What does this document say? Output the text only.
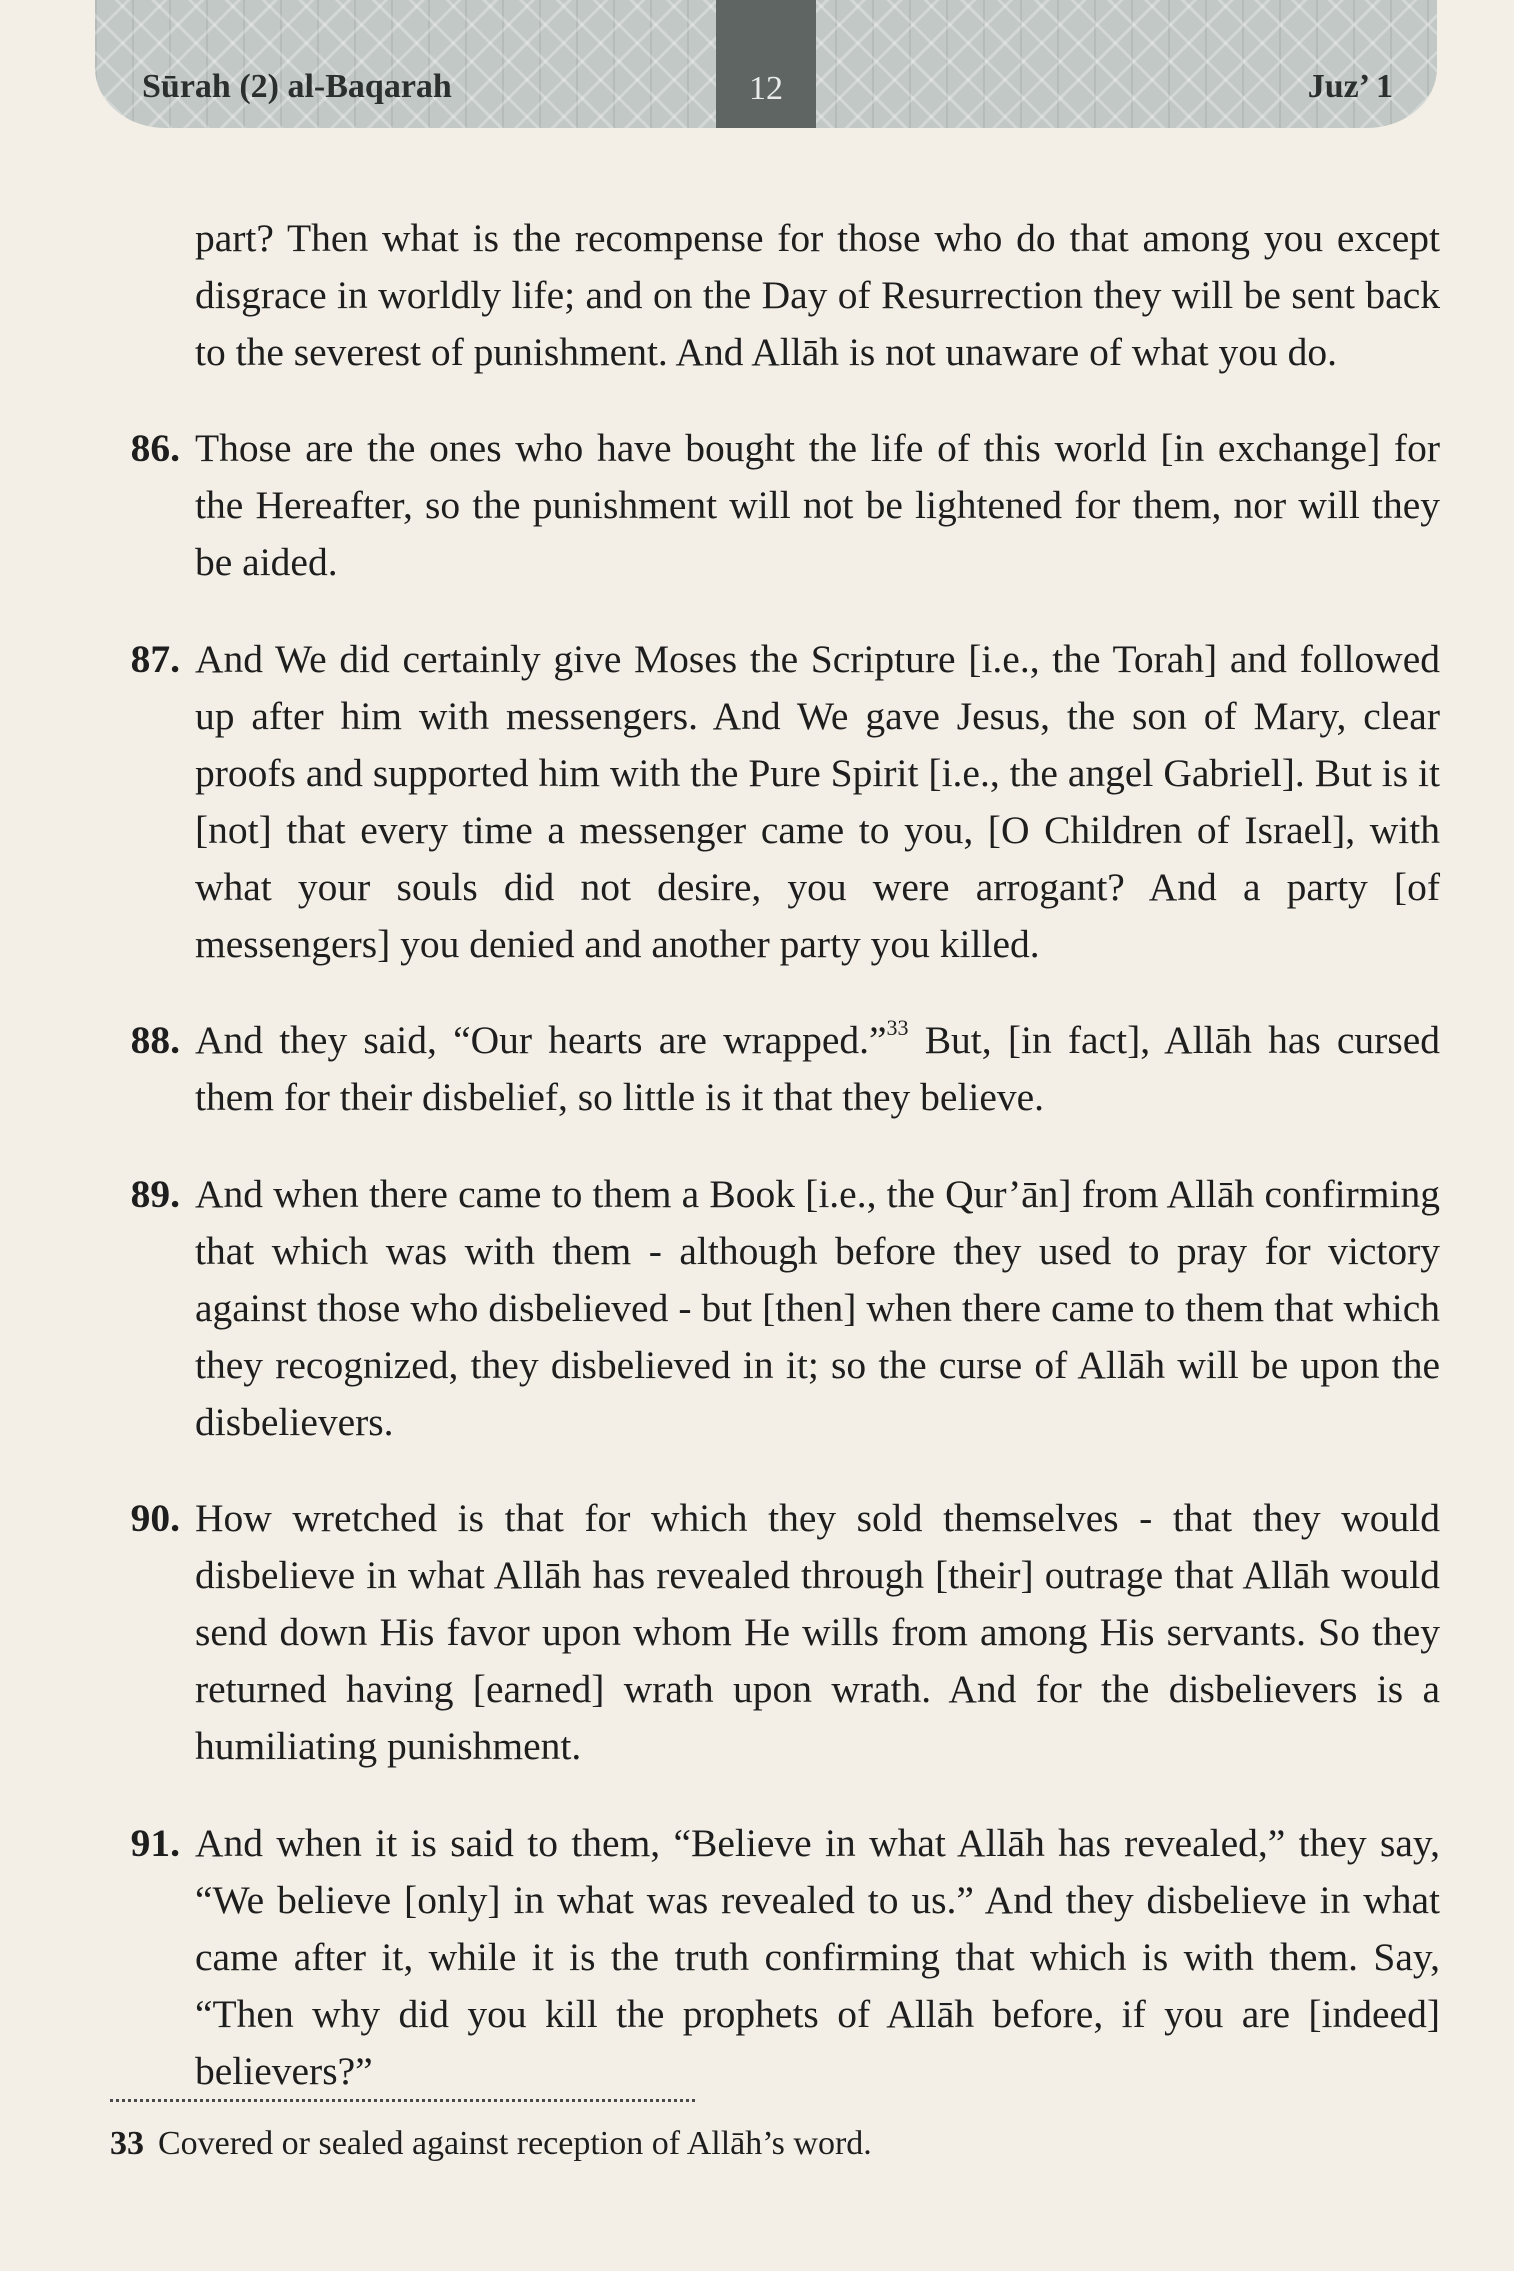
Sūrah (2) al-Baqarah	12	Juz’ 1

part? Then what is the recompense for those who do that among you except disgrace in worldly life; and on the Day of Resurrection they will be sent back to the severest of punishment. And Allāh is not unaware of what you do.

86. Those are the ones who have bought the life of this world [in exchange] for the Hereafter, so the punishment will not be lightened for them, nor will they be aided.

87. And We did certainly give Moses the Scripture [i.e., the Torah] and followed up after him with messengers. And We gave Jesus, the son of Mary, clear proofs and supported him with the Pure Spirit [i.e., the angel Gabriel]. But is it [not] that every time a messenger came to you, [O Children of Israel], with what your souls did not desire, you were arrogant? And a party [of messengers] you denied and another party you killed.

88. And they said, “Our hearts are wrapped.”$^{33}$ But, [in fact], Allāh has cursed them for their disbelief, so little is it that they believe.

89. And when there came to them a Book [i.e., the Qur’ān] from Allāh confirming that which was with them - although before they used to pray for victory against those who disbelieved - but [then] when there came to them that which they recognized, they disbelieved in it; so the curse of Allāh will be upon the disbelievers.

90. How wretched is that for which they sold themselves - that they would disbelieve in what Allāh has revealed through [their] outrage that Allāh would send down His favor upon whom He wills from among His servants. So they returned having [earned] wrath upon wrath. And for the disbelievers is a humiliating punishment.

91. And when it is said to them, “Believe in what Allāh has revealed,” they say, “We believe [only] in what was revealed to us.” And they disbelieve in what came after it, while it is the truth confirming that which is with them. Say, “Then why did you kill the prophets of Allāh before, if you are [indeed] believers?”

33 Covered or sealed against reception of Allāh’s word.
